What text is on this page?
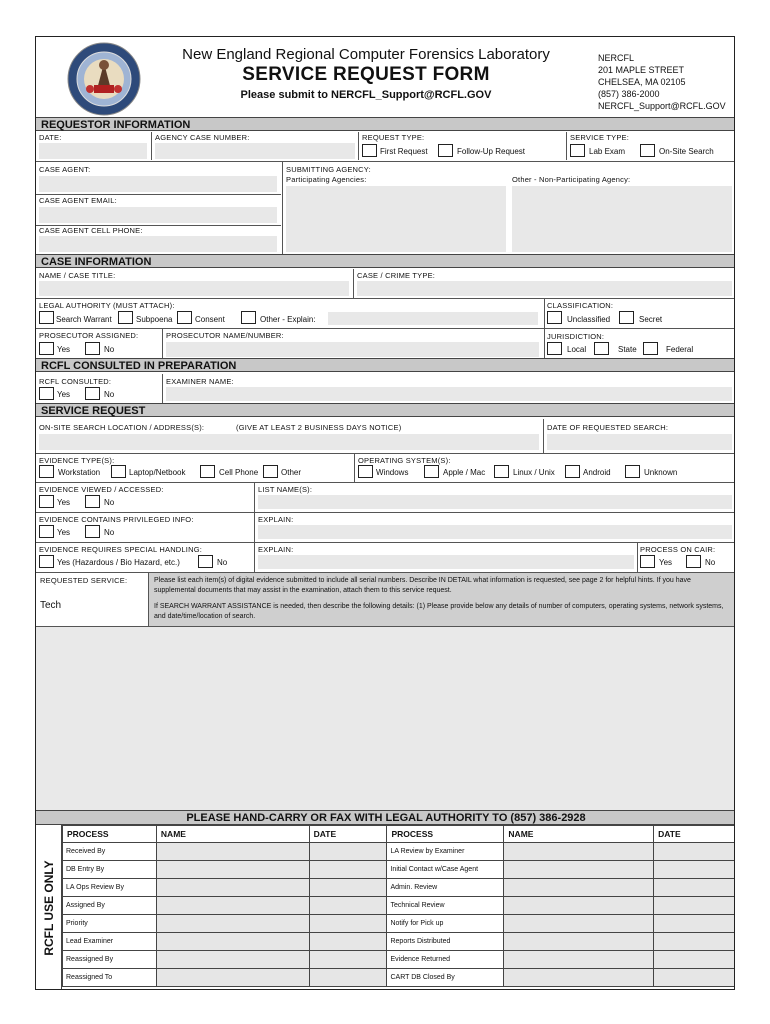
New England Regional Computer Forensics Laboratory
SERVICE REQUEST FORM
Please submit to NERCFL_Support@RCFL.GOV
NERCFL
201 MAPLE STREET
CHELSEA, MA 02105
(857) 386-2000
NERCFL_Support@RCFL.GOV
REQUESTOR INFORMATION
DATE:	AGENCY CASE NUMBER:	REQUEST TYPE:
First Request	Follow-Up Request
SERVICE TYPE:
Lab Exam	On-Site Search
CASE AGENT:
CASE AGENT EMAIL:
CASE AGENT CELL PHONE:
SUBMITTING AGENCY:
Participating Agencies:	Other - Non-Participating Agency:
CASE INFORMATION
NAME / CASE TITLE:	CASE / CRIME TYPE:
LEGAL AUTHORITY (MUST ATTACH):
Search Warrant	Subpoena	Consent	Other - Explain:
CLASSIFICATION:
Unclassified	Secret
PROSECUTOR ASSIGNED:
Yes	No
PROSECUTOR NAME/NUMBER:	JURISDICTION:
Local	State	Federal
RCFL CONSULTED IN PREPARATION
RCFL CONSULTED:
Yes	No
EXAMINER NAME:
SERVICE REQUEST
ON-SITE SEARCH LOCATION / ADDRESS(S):	(GIVE AT LEAST 2 BUSINESS DAYS NOTICE)	DATE OF REQUESTED SEARCH:
EVIDENCE TYPE(S):
Workstation	Laptop/Netbook	Cell Phone	Other
OPERATING SYSTEM(S):
Windows	Apple / Mac	Linux / Unix	Android	Unknown
EVIDENCE VIEWED / ACCESSED:
Yes	No
LIST NAME(S):
EVIDENCE CONTAINS PRIVILEGED INFO:
Yes	No
EXPLAIN:
EVIDENCE REQUIRES SPECIAL HANDLING:
Yes (Hazardous / Bio Hazard, etc.)	No
EXPLAIN:	PROCESS ON CAIR:
Yes	No
REQUESTED SERVICE:
Tech
Please list each item(s) of digital evidence submitted to include all serial numbers. Describe IN DETAIL what information is requested, see page 2 for helpful hints. If you have supplemental documents that may assist in the examination, attach them to this service request.
If SEARCH WARRANT ASSISTANCE is needed, then describe the following details: (1) Please provide below any details of number of computers, operating systems, network systems, and date/time/location of search.
PLEASE HAND-CARRY OR FAX WITH LEGAL AUTHORITY TO (857) 386-2928
RCFL USE ONLY
PROCESS	NAME	DATE	PROCESS	NAME	DATE
Received By			LA Review by Examiner		
DB Entry By			Initial Contact w/Case Agent		
LA Ops Review By			Admin. Review		
Assigned By			Technical Review		
Priority			Notify for Pick up		
Lead Examiner			Reports Distributed		
Reassigned By			Evidence Returned		
Reassigned To			CART DB Closed By		
